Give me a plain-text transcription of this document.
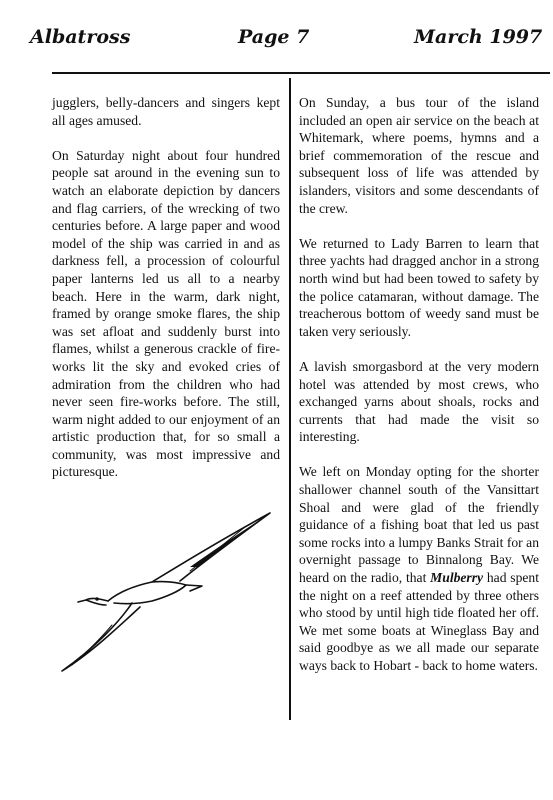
Albatross	Page 7	March 1997

jugglers, belly-dancers and singers kept all ages amused.

On Saturday night about four hundred people sat around in the evening sun to watch an elaborate depiction by dancers and flag carriers, of the wrecking of two centuries before. A large paper and wood model of the ship was carried in and as darkness fell, a procession of colourful paper lanterns led us all to a nearby beach. Here in the warm, dark night, framed by orange smoke flares, the ship was set afloat and suddenly burst into flames, whilst a generous crackle of fire-works lit the sky and evoked cries of admiration from the children who had never seen fire-works before. The still, warm night added to our enjoyment of an artistic production that, for so small a community, was most impressive and picturesque.

On Sunday, a bus tour of the island included an open air service on the beach at Whitemark, where poems, hymns and a brief commemoration of the rescue and subsequent loss of life was attended by islanders, visitors and some descendants of the crew.

We returned to Lady Barren to learn that three yachts had dragged anchor in a strong north wind but had been towed to safety by the police catamaran, without damage. The treacherous bottom of weedy sand must be taken very seriously.

A lavish smorgasbord at the very modern hotel was attended by most crews, who exchanged yarns about shoals, rocks and currents that had made the visit so interesting.

We left on Monday opting for the shorter shallower channel south of the Vansittart Shoal and were glad of the friendly guidance of a fishing boat that led us past some rocks into a lumpy Banks Strait for an overnight passage to Binnalong Bay. We heard on the radio, that Mulberry had spent the night on a reef attended by three others who stood by until high tide floated her off. We met some boats at Wineglass Bay and said goodbye as we all made our separate ways back to Hobart - back to home waters.
